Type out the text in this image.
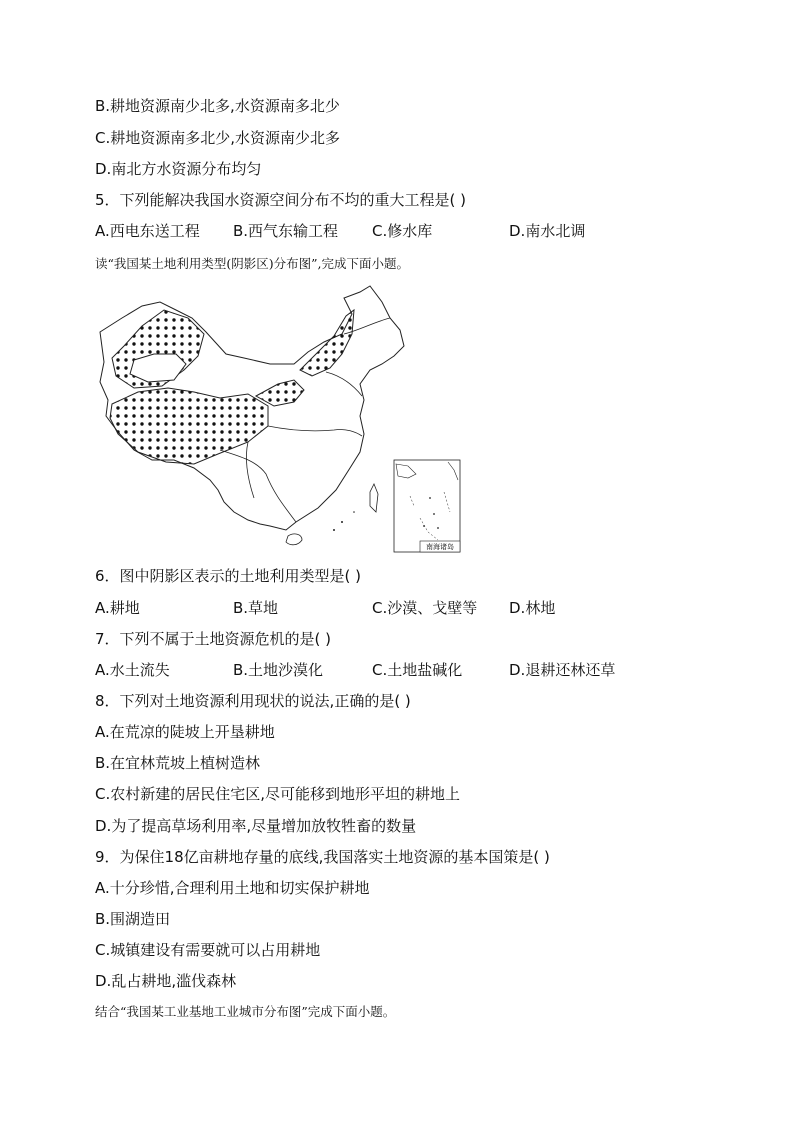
B.耕地资源南少北多,水资源南多北少
C.耕地资源南多北少,水资源南少北多
D.南北方水资源分布均匀
5．下列能解决我国水资源空间分布不均的重大工程是( )
A.西电东送工程 B.西气东输工程 C.修水库	D.南水北调
读“我国某土地利用类型(阴影区)分布图”,完成下面小题。
南海诸岛
6．图中阴影区表示的土地利用类型是( )
A.耕地	B.草地	C.沙漠、戈壁等 D.林地
7．下列不属于土地资源危机的是( )
A.水土流失	B.土地沙漠化	C.土地盐碱化	D.退耕还林还草
8．下列对土地资源利用现状的说法,正确的是( )
A.在荒凉的陡坡上开垦耕地
B.在宜林荒坡上植树造林
C.农村新建的居民住宅区,尽可能移到地形平坦的耕地上
D.为了提高草场利用率,尽量增加放牧牲畜的数量
9．为保住18亿亩耕地存量的底线,我国落实土地资源的基本国策是( )
A.十分珍惜,合理利用土地和切实保护耕地
B.围湖造田
C.城镇建设有需要就可以占用耕地
D.乱占耕地,滥伐森林
结合“我国某工业基地工业城市分布图”完成下面小题。
